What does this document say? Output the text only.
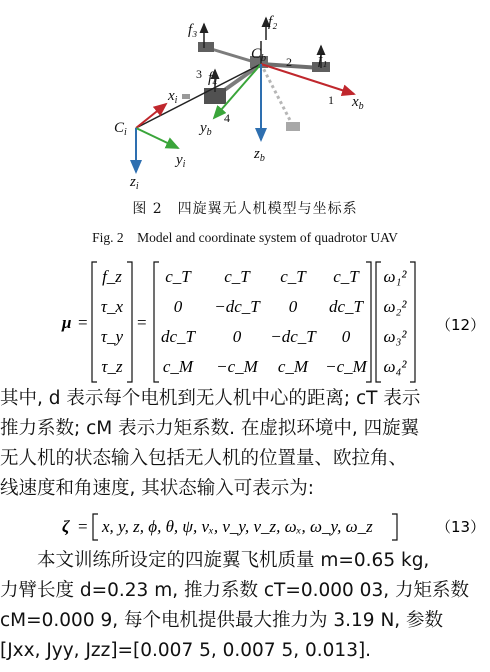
f₃	f₂
f₁
f₄
$C_b$
$C_i$
$x_b$
$y_b$
$z_b$
$x_i$
$y_i$
$z_i$
2
3
1
4
图 2　四旋翼无人机模型与坐标系
Fig. 2　Model and coordinate system of quadrotor UAV
μ =	=
f_z
τ_x
τ_y
τ_z
c_T c_T c_T c_T
0 −dc_T 0 dc_T
dc_T 0 −dc_T 0
c_M −c_M c_M −c_M
ω₁²
ω₂²
ω₃²
ω₄²
（12）
其中, d 表示每个电机到无人机中心的距离; cT 表示
推力系数; cM 表示力矩系数. 在虚拟环境中, 四旋翼
无人机的状态输入包括无人机的位置量、欧拉角、
线速度和角速度, 其状态输入可表示为:
ζ = x, y, z, ϕ, θ, ψ, vₓ, v_y, v_z, ωₓ, ω_y, ω_z	（13）
本文训练所设定的四旋翼飞机质量 m=0.65 kg,
力臂长度 d=0.23 m, 推力系数 cT=0.000 03, 力矩系数
cM=0.000 9, 每个电机提供最大推力为 3.19 N, 参数
[Jxx, Jyy, Jzz]=[0.007 5, 0.007 5, 0.013].
